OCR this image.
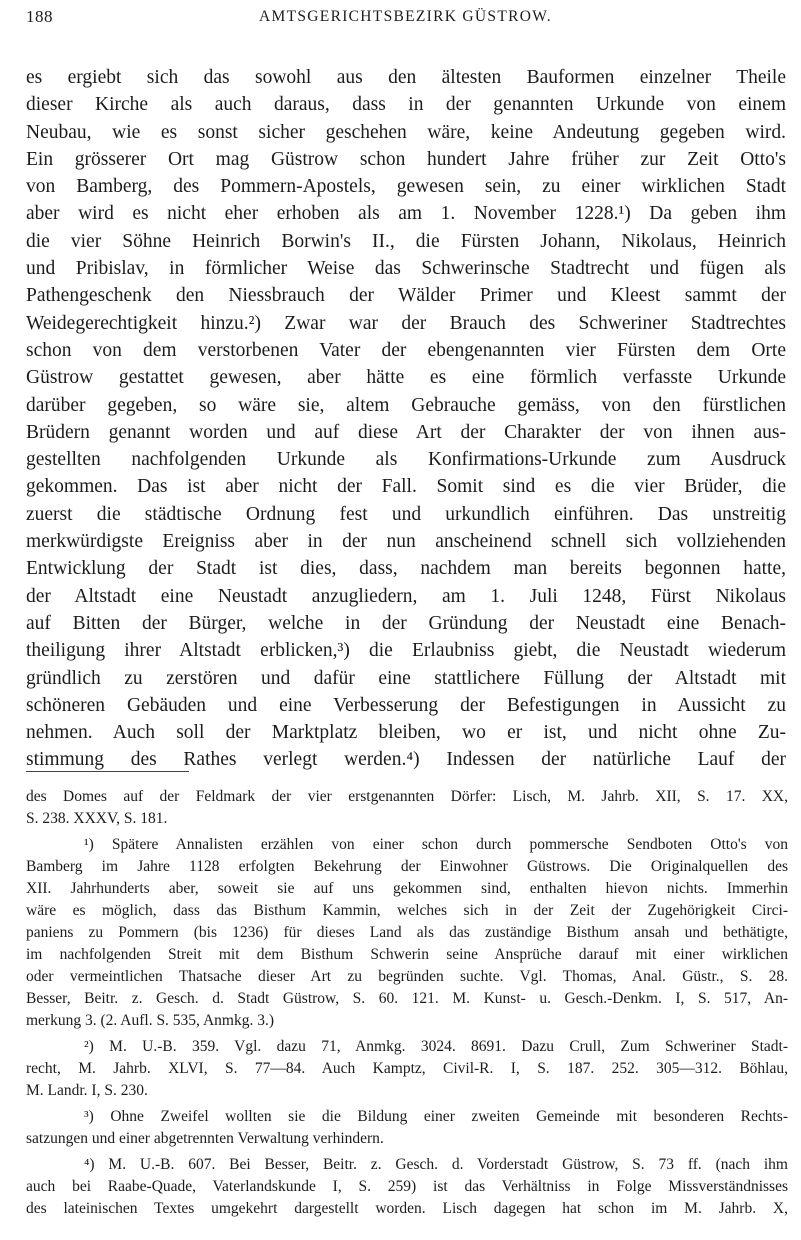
188	AMTSGERICHTSBEZIRK GÜSTROW.
es ergiebt sich das sowohl aus den ältesten Bauformen einzelner Theile
dieser Kirche als auch daraus, dass in der genannten Urkunde von einem
Neubau, wie es sonst sicher geschehen wäre, keine Andeutung gegeben wird.
Ein grösserer Ort mag Güstrow schon hundert Jahre früher zur Zeit Otto's
von Bamberg, des Pommern-Apostels, gewesen sein, zu einer wirklichen Stadt
aber wird es nicht eher erhoben als am 1. November 1228.¹) Da geben ihm
die vier Söhne Heinrich Borwin's II., die Fürsten Johann, Nikolaus, Heinrich
und Pribislav, in förmlicher Weise das Schwerinsche Stadtrecht und fügen als
Pathengeschenk den Niessbrauch der Wälder Primer und Kleest sammt der
Weidegerechtigkeit hinzu.²) Zwar war der Brauch des Schweriner Stadtrechtes
schon von dem verstorbenen Vater der ebengenannten vier Fürsten dem Orte
Güstrow gestattet gewesen, aber hätte es eine förmlich verfasste Urkunde
darüber gegeben, so wäre sie, altem Gebrauche gemäss, von den fürstlichen
Brüdern genannt worden und auf diese Art der Charakter der von ihnen aus-
gestellten nachfolgenden Urkunde als Konfirmations-Urkunde zum Ausdruck
gekommen. Das ist aber nicht der Fall. Somit sind es die vier Brüder, die
zuerst die städtische Ordnung fest und urkundlich einführen. Das unstreitig
merkwürdigste Ereigniss aber in der nun anscheinend schnell sich vollziehenden
Entwicklung der Stadt ist dies, dass, nachdem man bereits begonnen hatte,
der Altstadt eine Neustadt anzugliedern, am 1. Juli 1248, Fürst Nikolaus
auf Bitten der Bürger, welche in der Gründung der Neustadt eine Benach-
theiligung ihrer Altstadt erblicken,³) die Erlaubniss giebt, die Neustadt wiederum
gründlich zu zerstören und dafür eine stattlichere Füllung der Altstadt mit
schöneren Gebäuden und eine Verbesserung der Befestigungen in Aussicht zu
nehmen. Auch soll der Marktplatz bleiben, wo er ist, und nicht ohne Zu-
stimmung des Rathes verlegt werden.⁴) Indessen der natürliche Lauf der
des Domes auf der Feldmark der vier erstgenannten Dörfer: Lisch, M. Jahrb. XII, S. 17. XX,
S. 238. XXXV, S. 181.
¹) Spätere Annalisten erzählen von einer schon durch pommersche Sendboten Otto's von
Bamberg im Jahre 1128 erfolgten Bekehrung der Einwohner Güstrows. Die Originalquellen des
XII. Jahrhunderts aber, soweit sie auf uns gekommen sind, enthalten hievon nichts. Immerhin
wäre es möglich, dass das Bisthum Kammin, welches sich in der Zeit der Zugehörigkeit Circi-
paniens zu Pommern (bis 1236) für dieses Land als das zuständige Bisthum ansah und bethätigte,
im nachfolgenden Streit mit dem Bisthum Schwerin seine Ansprüche darauf mit einer wirklichen
oder vermeintlichen Thatsache dieser Art zu begründen suchte. Vgl. Thomas, Anal. Güstr., S. 28.
Besser, Beitr. z. Gesch. d. Stadt Güstrow, S. 60. 121. M. Kunst- u. Gesch.-Denkm. I, S. 517, An-
merkung 3. (2. Aufl. S. 535, Anmkg. 3.)
²) M. U.-B. 359. Vgl. dazu 71, Anmkg. 3024. 8691. Dazu Crull, Zum Schweriner Stadt-
recht, M. Jahrb. XLVI, S. 77—84. Auch Kamptz, Civil-R. I, S. 187. 252. 305—312. Böhlau,
M. Landr. I, S. 230.
³) Ohne Zweifel wollten sie die Bildung einer zweiten Gemeinde mit besonderen Rechts-
satzungen und einer abgetrennten Verwaltung verhindern.
⁴) M. U.-B. 607. Bei Besser, Beitr. z. Gesch. d. Vorderstadt Güstrow, S. 73 ff. (nach ihm
auch bei Raabe-Quade, Vaterlandskunde I, S. 259) ist das Verhältniss in Folge Missverständnisses
des lateinischen Textes umgekehrt dargestellt worden. Lisch dagegen hat schon im M. Jahrb. X,
